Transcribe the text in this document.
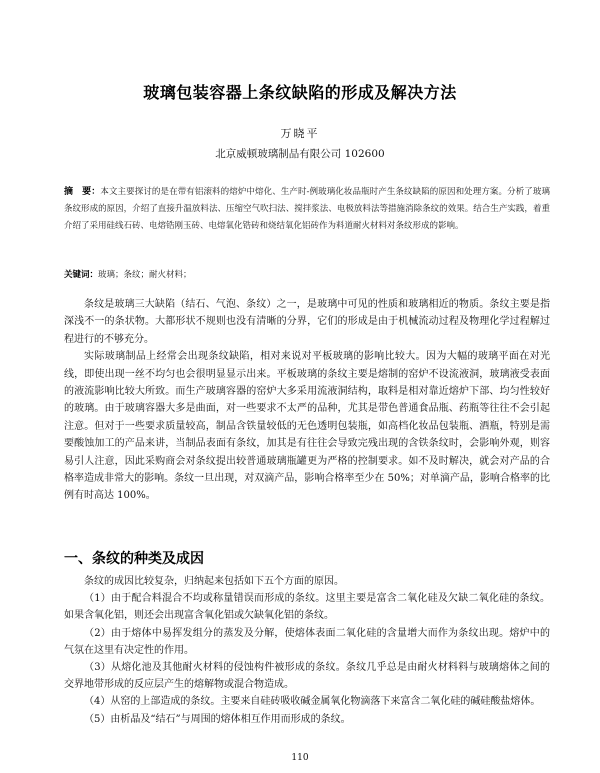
玻璃包装容器上条纹缺陷的形成及解决方法
万晓平
北京威顿玻璃制品有限公司 102600
摘　要：本文主要探讨的是在带有铝滚料的熔炉中熔化、生产时-例玻璃化妆品瓶时产生条纹缺陷的原因和处理方案。分析了玻璃条纹形成的原因，介绍了直接升温放料法、压缩空气吹扫法、搅拌浆法、电极放料法等措施消除条纹的效果。结合生产实践，着重介绍了采用硅线石砖、电熔锆刚玉砖、电熔氧化锆砖和烧结氧化铝砖作为料道耐火材料对条纹形成的影响。
关键词：玻璃；条纹；耐火材料；

条纹是玻璃三大缺陷（结石、气泡、条纹）之一，是玻璃中可见的性质和玻璃相近的物质。条纹主要是指深浅不一的条状物。大都形状不规则也没有清晰的分界，它们的形成是由于机械流动过程及物理化学过程解过程进行的不够充分。

实际玻璃制品上经常会出现条纹缺陷，相对来说对平板玻璃的影响比较大。因为大幅的玻璃平面在对光线，即使出现一丝不均匀也会很明显显示出来。平板玻璃的条纹主要是熔制的窑炉不设流液洞，玻璃液受表面的液流影响比较大所致。而生产玻璃容器的窑炉大多采用流液洞结构，取料是相对靠近熔炉下部、均匀性较好的玻璃。由于玻璃容器大多是曲面，对一些要求不太严的品种，尤其是带色普通食品瓶、药瓶等往往不会引起注意。但对于一些要求质量较高，制品含铁量较低的无色透明包装瓶，如高档化妆品包装瓶、酒瓶，特别是需要酸蚀加工的产品来讲，当制品表面有条纹，加其是有往往会导致完残出现的含铁条纹时，会影响外观，则容易引人注意，因此采购商会对条纹提出较普通玻璃瓶罐更为严格的控制要求。如不及时解决，就会对产品的合格率造成非常大的影响。条纹一旦出现，对双滴产品，影响合格率至少在 50%；对单滴产品，影响合格率的比例有时高达 100%。

一、条纹的种类及成因

条纹的成因比较复杂，归纳起来包括如下五个方面的原因。

（1）由于配合料混合不均或称量错误而形成的条纹。这里主要是富含二氧化硅及欠缺二氧化硅的条纹。如果含氧化铝，则还会出现富含氧化铝或欠缺氧化铝的条纹。

（2）由于熔体中易挥发组分的蒸发及分解，使熔体表面二氧化硅的含量增大而作为条纹出现。熔炉中的气氛在这里有决定性的作用。

（3）从熔化池及其他耐火材料的侵蚀构件被形成的条纹。条纹几乎总是由耐火材料料与玻璃熔体之间的交界地带形成的反应层产生的熔解物或混合物造成。

（4）从窑的上部造成的条纹。主要来自硅砖吸收碱金属氧化物滴落下来富含二氧化硅的碱硅酸盐熔体。

（5）由析晶及“结石”与周围的熔体相互作用而形成的条纹。

110
